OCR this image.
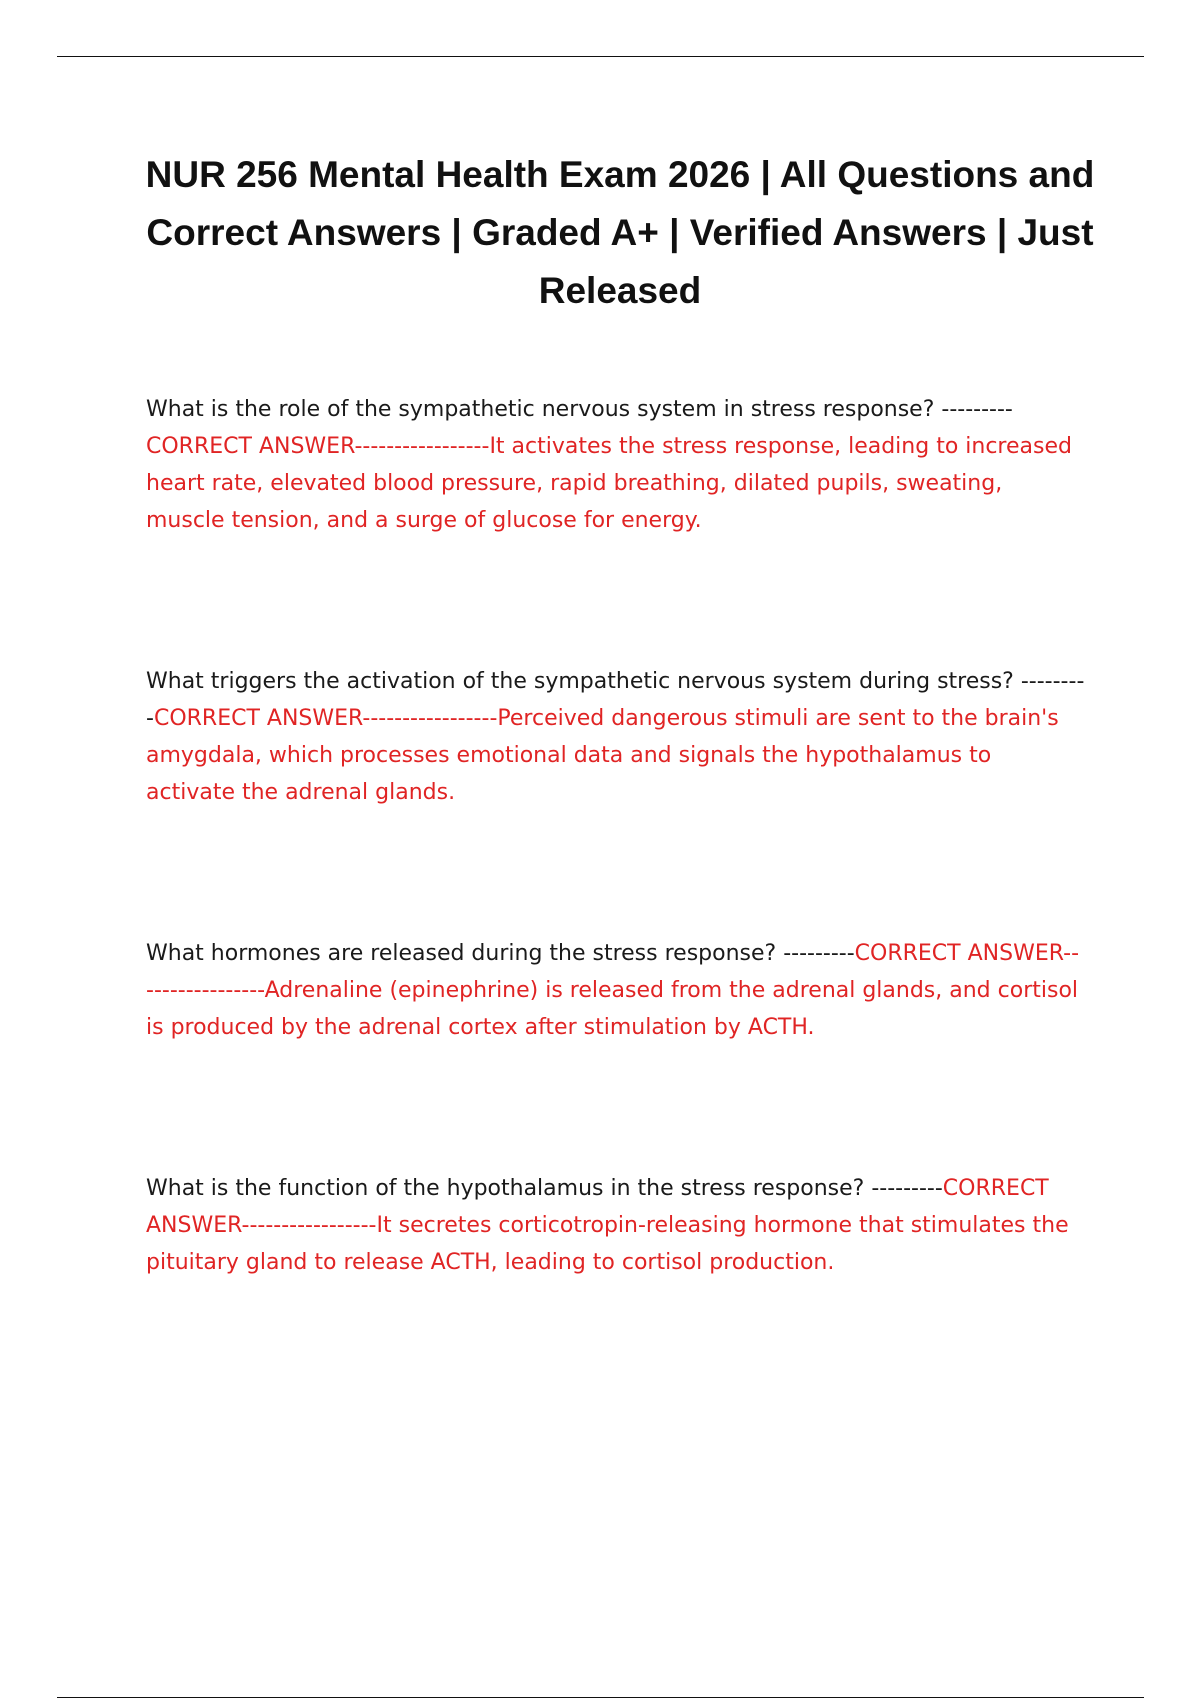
NUR 256 Mental Health Exam 2026 | All Questions and Correct Answers | Graded A+ | Verified Answers | Just Released

What is the role of the sympathetic nervous system in stress response? ---------CORRECT ANSWER-----------------It activates the stress response, leading to increased heart rate, elevated blood pressure, rapid breathing, dilated pupils, sweating, muscle tension, and a surge of glucose for energy.

What triggers the activation of the sympathetic nervous system during stress? ---------CORRECT ANSWER-----------------Perceived dangerous stimuli are sent to the brain's amygdala, which processes emotional data and signals the hypothalamus to activate the adrenal glands.

What hormones are released during the stress response? ---------CORRECT ANSWER-----------------Adrenaline (epinephrine) is released from the adrenal glands, and cortisol is produced by the adrenal cortex after stimulation by ACTH.

What is the function of the hypothalamus in the stress response? ---------CORRECT ANSWER-----------------It secretes corticotropin-releasing hormone that stimulates the pituitary gland to release ACTH, leading to cortisol production.
